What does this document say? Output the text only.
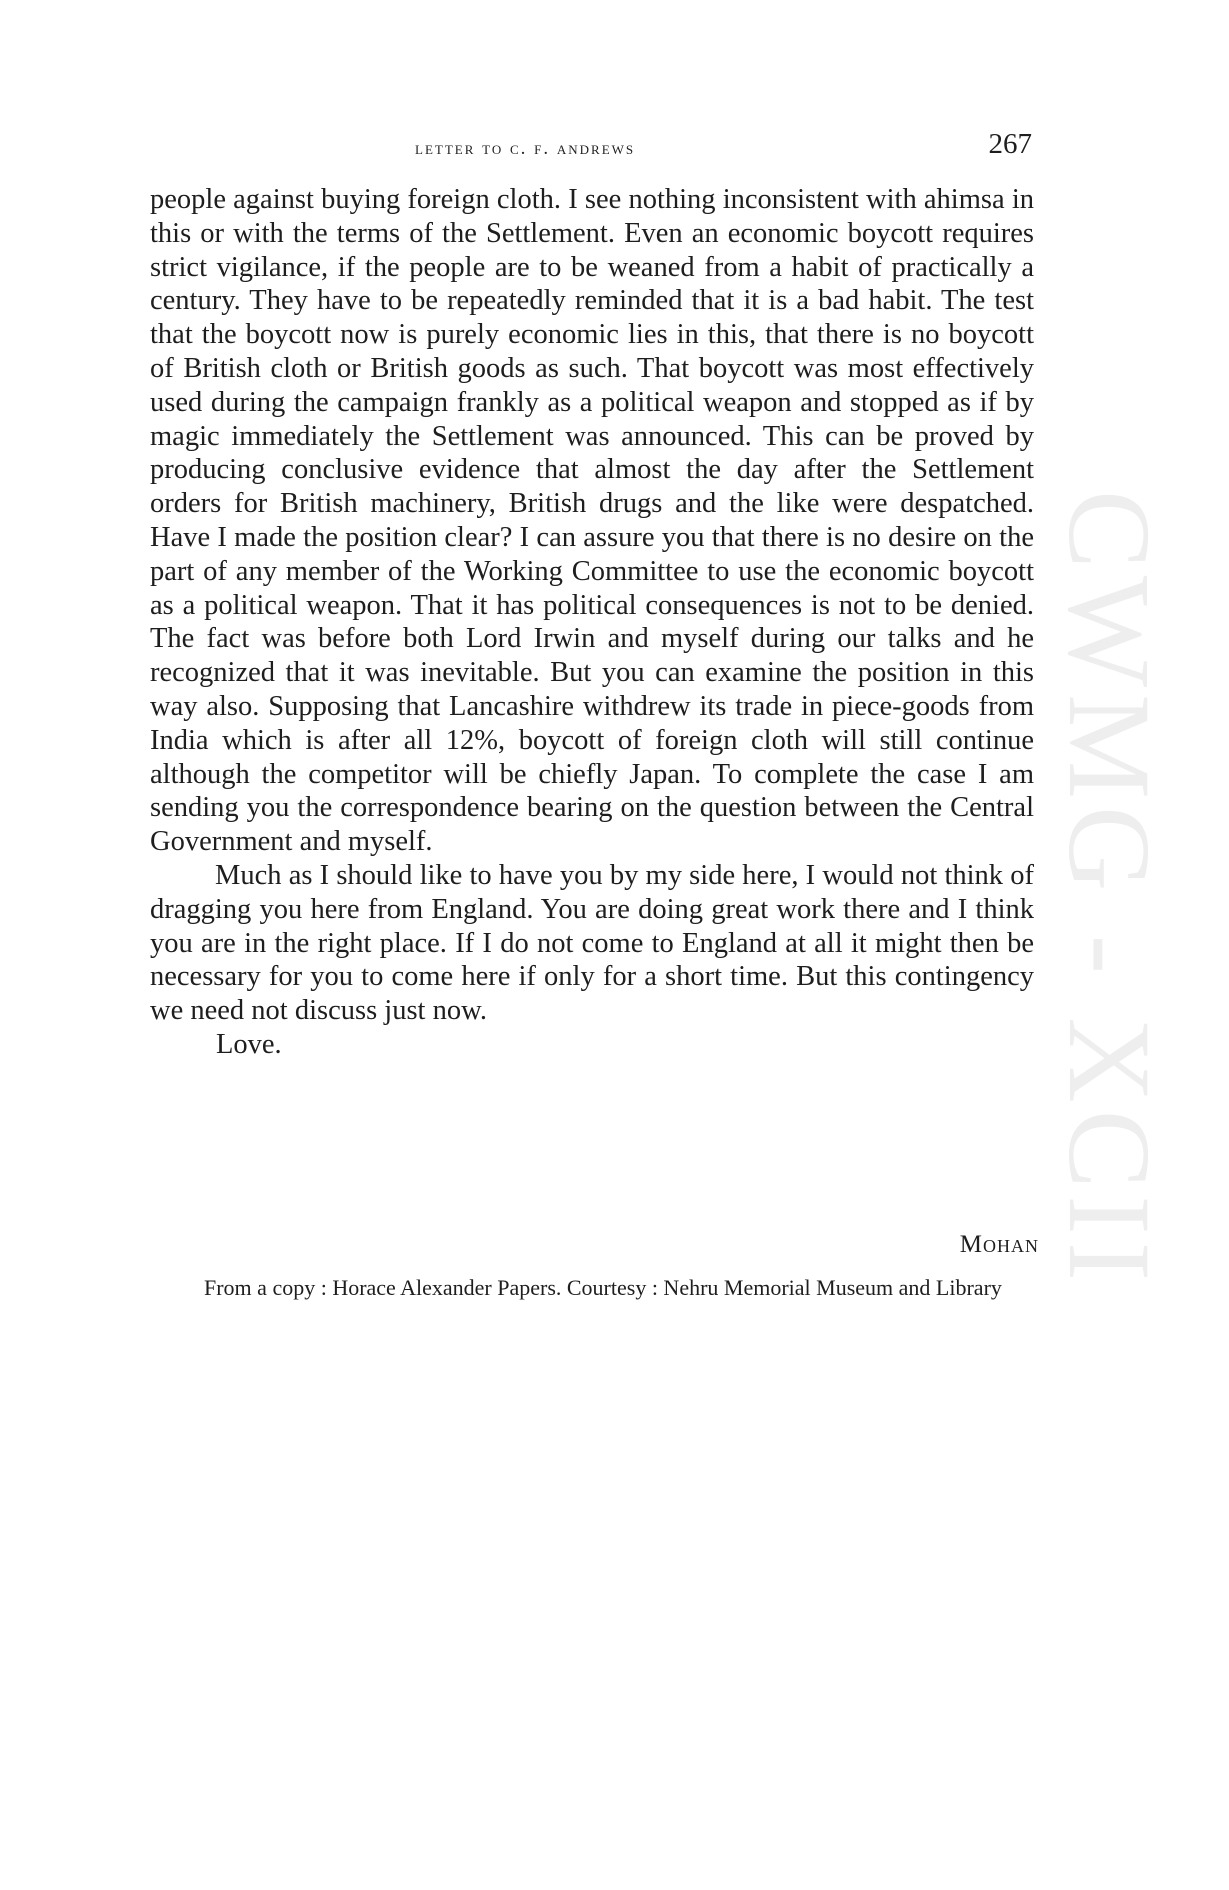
letter to c. f. andrews	267

people against buying foreign cloth. I see nothing inconsistent with ahimsa in this or with the terms of the Settlement. Even an economic boycott requires strict vigilance, if the people are to be weaned from a habit of practically a century. They have to be repeatedly reminded that it is a bad habit. The test that the boycott now is purely economic lies in this, that there is no boycott of British cloth or British goods as such. That boycott was most effectively used during the campaign frankly as a political weapon and stopped as if by magic immediately the Settlement was announced. This can be proved by producing conclusive evidence that almost the day after the Settlement orders for British machinery, British drugs and the like were despatched. Have I made the position clear? I can assure you that there is no desire on the part of any member of the Working Committee to use the economic boycott as a political weapon. That it has political consequences is not to be denied. The fact was before both Lord Irwin and myself during our talks and he recognized that it was inevitable. But you can examine the position in this way also. Supposing that Lancashire withdrew its trade in piece-goods from India which is after all 12%, boycott of foreign cloth will still continue although the competitor will be chiefly Japan. To complete the case I am sending you the correspondence bearing on the question between the Central Government and myself.

Much as I should like to have you by my side here, I would not think of dragging you here from England. You are doing great work there and I think you are in the right place. If I do not come to England at all it might then be necessary for you to come here if only for a short time. But this contingency we need not discuss just now.

Love.

Mohan
From a copy : Horace Alexander Papers. Courtesy : Nehru Memorial Museum and Library CWMG - XCII
